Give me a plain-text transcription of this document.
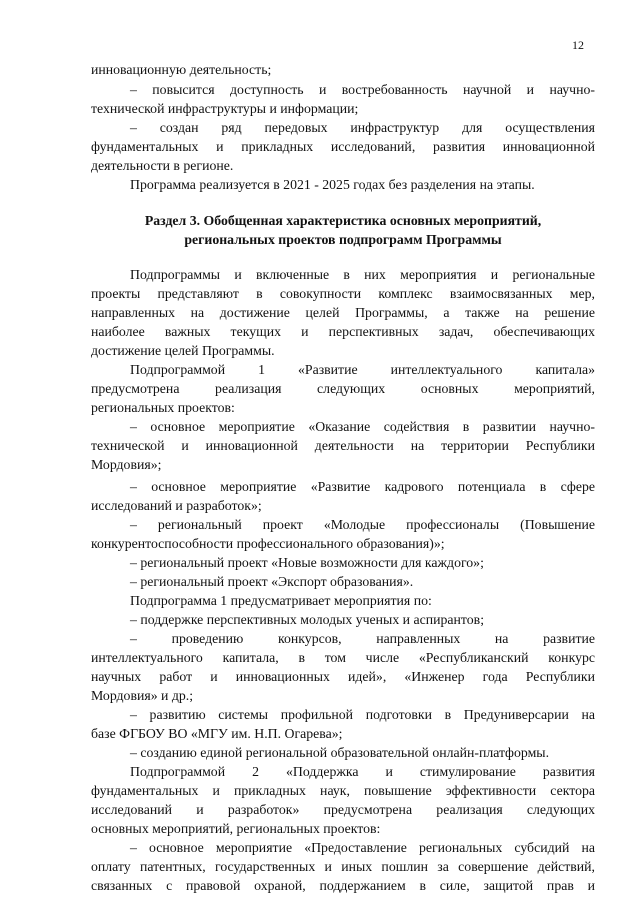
12
инновационную деятельность;
– повысится доступность и востребованность научной и научно-
технической инфраструктуры и информации;
– создан ряд передовых инфраструктур для осуществления
фундаментальных и прикладных исследований, развития инновационной
деятельности в регионе.
Программа реализуется в 2021 - 2025 годах без разделения на этапы.
Раздел 3. Обобщенная характеристика основных мероприятий,
региональных проектов подпрограмм Программы
Подпрограммы и включенные в них мероприятия и региональные
проекты представляют в совокупности комплекс взаимосвязанных мер,
направленных на достижение целей Программы, а также на решение
наиболее важных текущих и перспективных задач, обеспечивающих
достижение целей Программы.
Подпрограммой 1 «Развитие интеллектуального капитала»
предусмотрена реализация следующих основных мероприятий,
региональных проектов:
– основное мероприятие «Оказание содействия в развитии научно-
технической и инновационной деятельности на территории Республики
Мордовия»;
– основное мероприятие «Развитие кадрового потенциала в сфере
исследований и разработок»;
– региональный проект «Молодые профессионалы (Повышение
конкурентоспособности профессионального образования)»;
– региональный проект «Новые возможности для каждого»;
– региональный проект «Экспорт образования».
Подпрограмма 1 предусматривает мероприятия по:
– поддержке перспективных молодых ученых и аспирантов;
– проведению конкурсов, направленных на развитие
интеллектуального капитала, в том числе «Республиканский конкурс
научных работ и инновационных идей», «Инженер года Республики
Мордовия» и др.;
– развитию системы профильной подготовки в Предуниверсарии на
базе ФГБОУ ВО «МГУ им. Н.П. Огарева»;
– созданию единой региональной образовательной онлайн-платформы.
Подпрограммой 2 «Поддержка и стимулирование развития
фундаментальных и прикладных наук, повышение эффективности сектора
исследований и разработок» предусмотрена реализация следующих
основных мероприятий, региональных проектов:
– основное мероприятие «Предоставление региональных субсидий на
оплату патентных, государственных и иных пошлин за совершение действий,
связанных с правовой охраной, поддержанием в силе, защитой прав и
